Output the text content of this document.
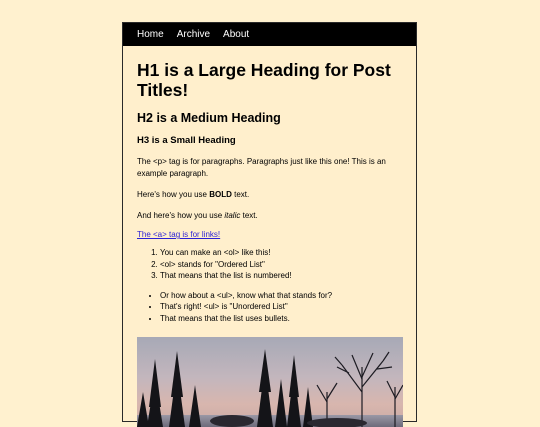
Home Archive About
H1 is a Large Heading for Post Titles!
H2 is a Medium Heading
H3 is a Small Heading

The <p> tag is for paragraphs. Paragraphs just like this one! This is an example paragraph.

Here's how you use BOLD text.

And here's how you use italic text.

The <a> tag is for links!

1. You can make an <ol> like this!
2. <ol> stands for "Ordered List"
3. That means that the list is numbered!
• Or how about a <ul>, know what that stands for?
• That's right! <ul> is "Unordered List"
• That means that the list uses bullets.
